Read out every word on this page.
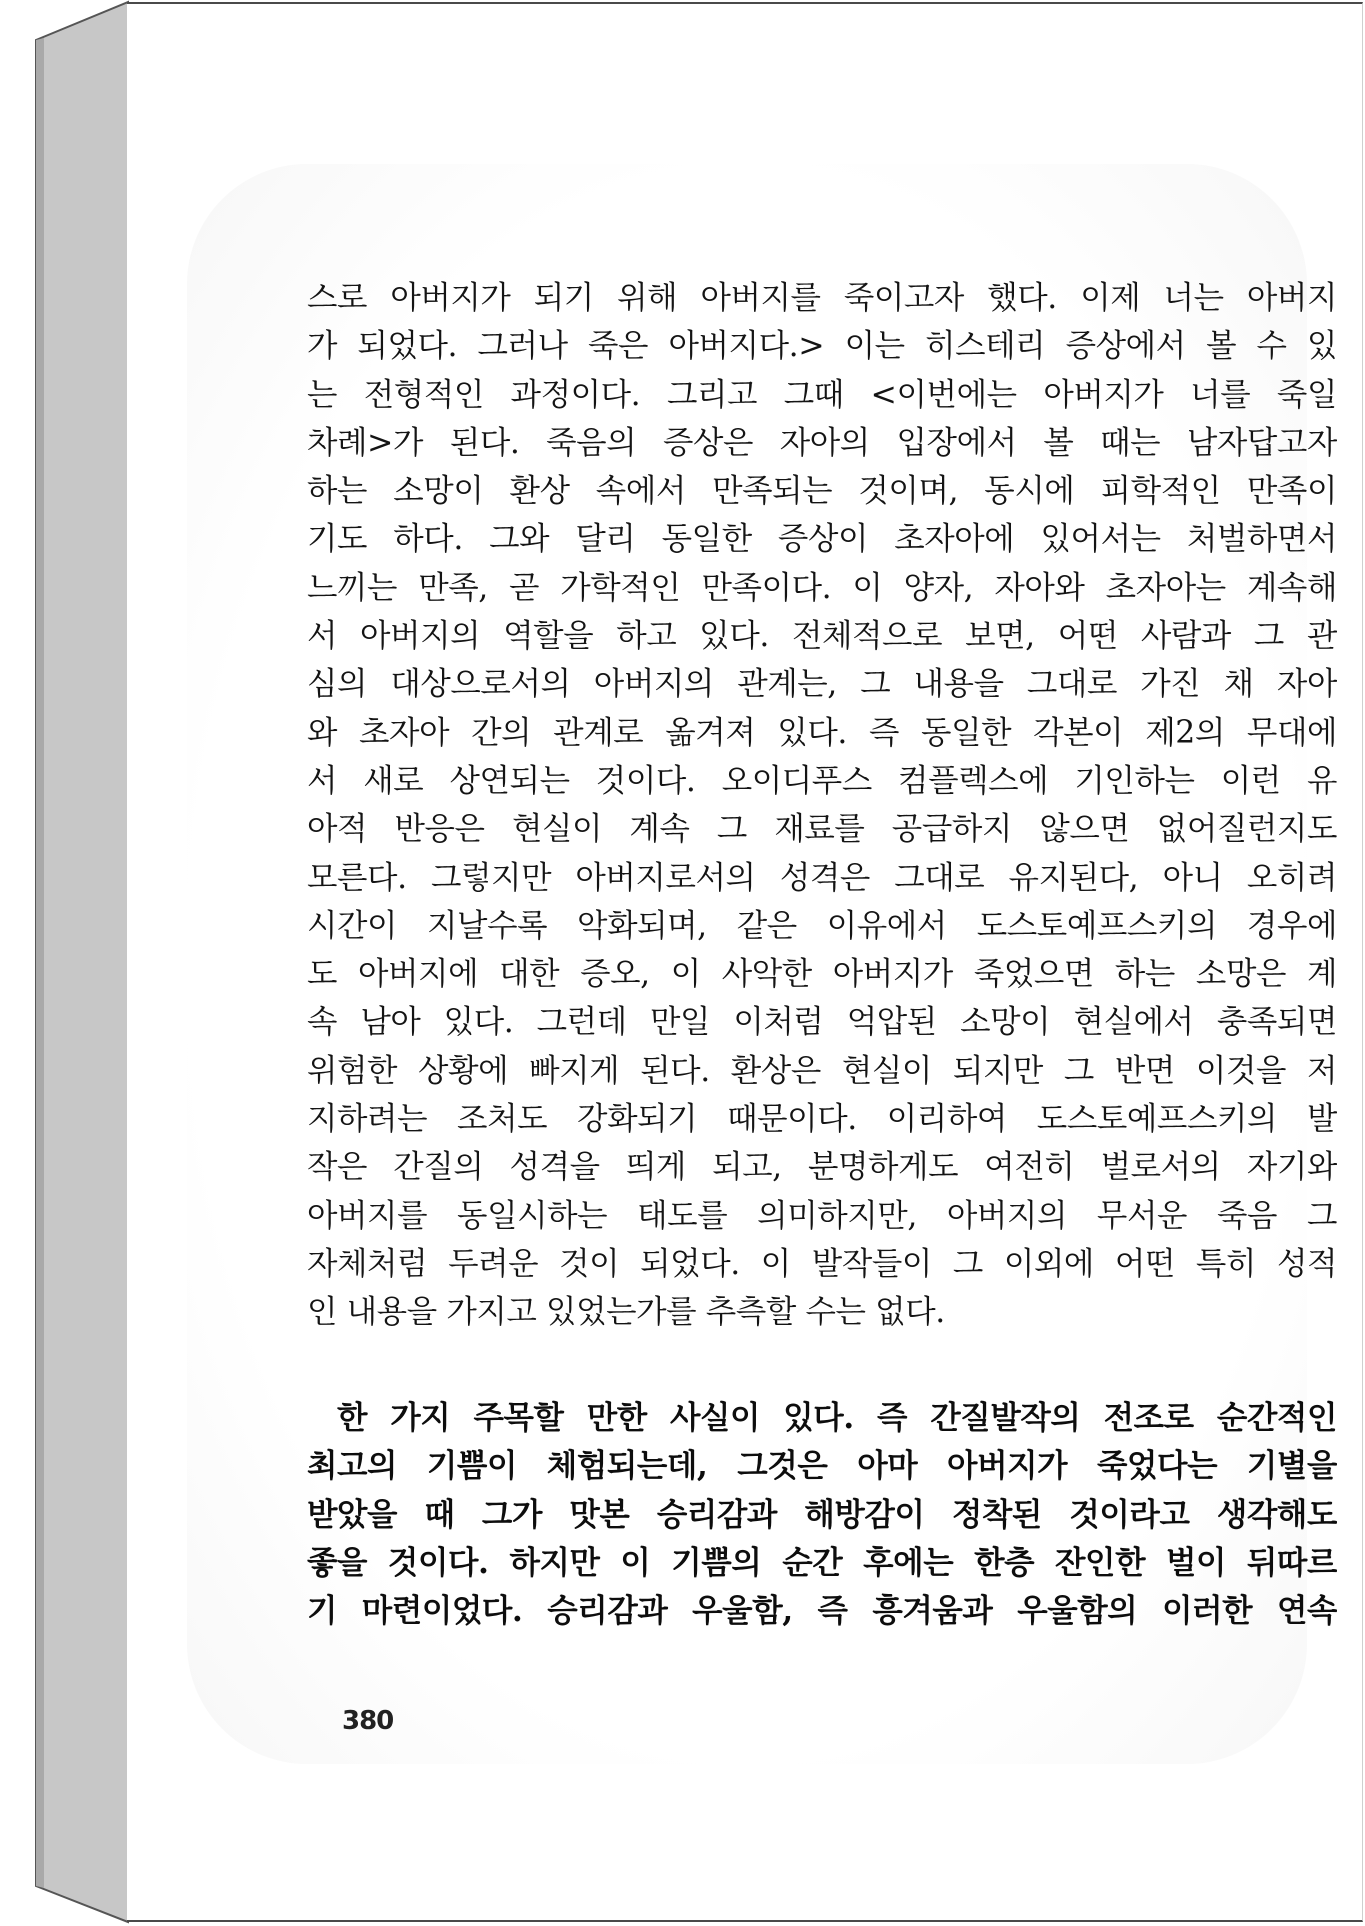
스로 아버지가 되기 위해 아버지를 죽이고자 했다. 이제 너는 아버지
가 되었다. 그러나 죽은 아버지다.> 이는 히스테리 증상에서 볼 수 있
는 전형적인 과정이다. 그리고 그때 <이번에는 아버지가 너를 죽일
차례>가 된다. 죽음의 증상은 자아의 입장에서 볼 때는 남자답고자
하는 소망이 환상 속에서 만족되는 것이며, 동시에 피학적인 만족이
기도 하다. 그와 달리 동일한 증상이 초자아에 있어서는 처벌하면서
느끼는 만족, 곧 가학적인 만족이다. 이 양자, 자아와 초자아는 계속해
서 아버지의 역할을 하고 있다. 전체적으로 보면, 어떤 사람과 그 관
심의 대상으로서의 아버지의 관계는, 그 내용을 그대로 가진 채 자아
와 초자아 간의 관계로 옮겨져 있다. 즉 동일한 각본이 제2의 무대에
서 새로 상연되는 것이다. 오이디푸스 컴플렉스에 기인하는 이런 유
아적 반응은 현실이 계속 그 재료를 공급하지 않으면 없어질런지도
모른다. 그렇지만 아버지로서의 성격은 그대로 유지된다, 아니 오히려
시간이 지날수록 악화되며, 같은 이유에서 도스토예프스키의 경우에
도 아버지에 대한 증오, 이 사악한 아버지가 죽었으면 하는 소망은 계
속 남아 있다. 그런데 만일 이처럼 억압된 소망이 현실에서 충족되면
위험한 상황에 빠지게 된다. 환상은 현실이 되지만 그 반면 이것을 저
지하려는 조처도 강화되기 때문이다. 이리하여 도스토예프스키의 발
작은 간질의 성격을 띄게 되고, 분명하게도 여전히 벌로서의 자기와
아버지를 동일시하는 태도를 의미하지만, 아버지의 무서운 죽음 그
자체처럼 두려운 것이 되었다. 이 발작들이 그 이외에 어떤 특히 성적
인 내용을 가지고 있었는가를 추측할 수는 없다.
한 가지 주목할 만한 사실이 있다. 즉 간질발작의 전조로 순간적인
최고의 기쁨이 체험되는데, 그것은 아마 아버지가 죽었다는 기별을
받았을 때 그가 맛본 승리감과 해방감이 정착된 것이라고 생각해도
좋을 것이다. 하지만 이 기쁨의 순간 후에는 한층 잔인한 벌이 뒤따르
기 마련이었다. 승리감과 우울함, 즉 흥겨움과 우울함의 이러한 연속
380
